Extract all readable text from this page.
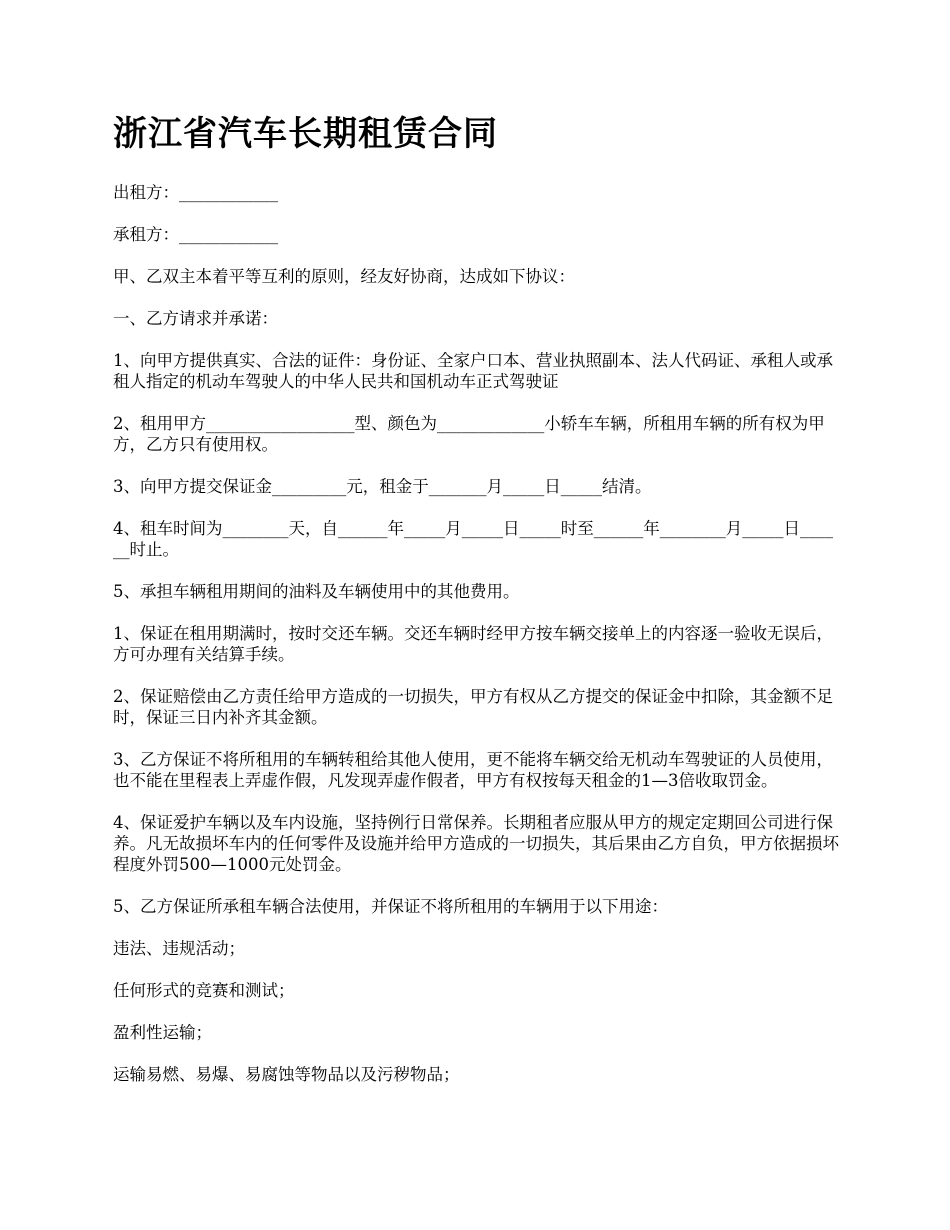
浙江省汽车长期租赁合同

出租方：____________

承租方：____________

甲、乙双主本着平等互利的原则，经友好协商，达成如下协议：

一、乙方请求并承诺：

1、向甲方提供真实、合法的证件：身份证、全家户口本、营业执照副本、法人代码证、承租人或承租人指定的机动车驾驶人的中华人民共和国机动车正式驾驶证

2、租用甲方__________________型、颜色为_____________小轿车车辆，所租用车辆的所有权为甲方，乙方只有使用权。

3、向甲方提交保证金_________元，租金于_______月_____日_____结清。

4、租车时间为________天，自______年_____月_____日_____时至______年________月_____日______时止。

5、承担车辆租用期间的油料及车辆使用中的其他费用。

1、保证在租用期满时，按时交还车辆。交还车辆时经甲方按车辆交接单上的内容逐一验收无误后，方可办理有关结算手续。

2、保证赔偿由乙方责任给甲方造成的一切损失，甲方有权从乙方提交的保证金中扣除，其金额不足时，保证三日内补齐其金额。

3、乙方保证不将所租用的车辆转租给其他人使用，更不能将车辆交给无机动车驾驶证的人员使用，也不能在里程表上弄虚作假，凡发现弄虚作假者，甲方有权按每天租金的1—3倍收取罚金。

4、保证爱护车辆以及车内设施，坚持例行日常保养。长期租者应服从甲方的规定定期回公司进行保养。凡无故损坏车内的任何零件及设施并给甲方造成的一切损失，其后果由乙方自负，甲方依据损坏程度外罚500—1000元处罚金。

5、乙方保证所承租车辆合法使用，并保证不将所租用的车辆用于以下用途：

违法、违规活动；

任何形式的竞赛和测试；

盈利性运输；

运输易燃、易爆、易腐蚀等物品以及污秽物品；
